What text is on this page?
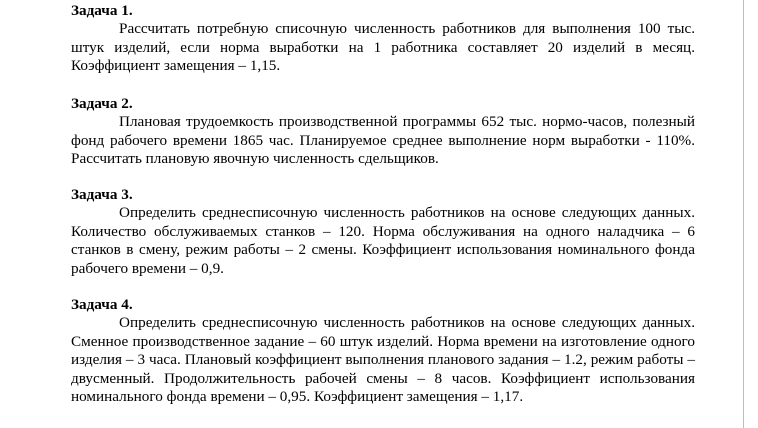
Задача 1.
Рассчитать потребную списочную численность работников для выполнения 100 тыс. штук изделий, если норма выработки на 1 работника составляет 20 изделий в месяц. Коэффициент замещения – 1,15.
Задача 2.
Плановая трудоемкость производственной программы 652 тыс. нормо-часов, полезный фонд рабочего времени 1865 час. Планируемое среднее выполнение норм выработки - 110%. Рассчитать плановую явочную численность сдельщиков.
Задача 3.
Определить среднесписочную численность работников на основе следующих данных. Количество обслуживаемых станков – 120. Норма обслуживания на одного наладчика – 6 станков в смену, режим работы – 2 смены. Коэффициент использования номинального фонда рабочего времени – 0,9.
Задача 4.
Определить среднесписочную численность работников на основе следующих данных. Сменное производственное задание – 60 штук изделий. Норма времени на изготовление одного изделия – 3 часа. Плановый коэффициент выполнения планового задания – 1.2, режим работы – двусменный. Продолжительность рабочей смены – 8 часов. Коэффициент использования номинального фонда времени – 0,95. Коэффициент замещения – 1,17.
